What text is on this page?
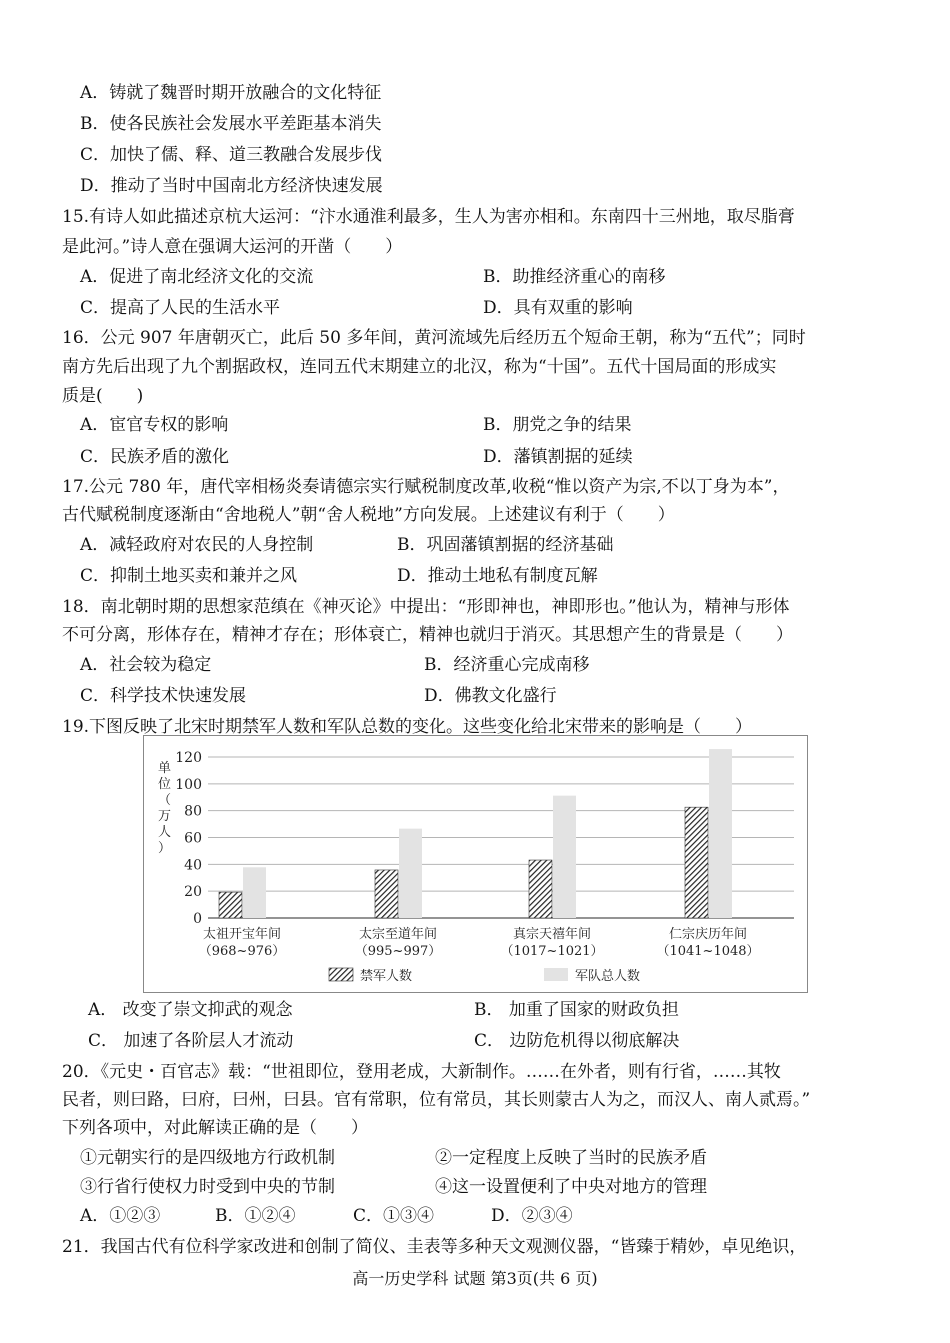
A．铸就了魏晋时期开放融合的文化特征
B．使各民族社会发展水平差距基本消失
C．加快了儒、释、道三教融合发展步伐
D．推动了当时中国南北方经济快速发展
15.有诗人如此描述京杭大运河：“汴水通淮利最多，生人为害亦相和。东南四十三州地，取尽脂膏
是此河。”诗人意在强调大运河的开凿（　　）
A．促进了南北经济文化的交流	B．助推经济重心的南移
C．提高了人民的生活水平	D．具有双重的影响
16．公元 907 年唐朝灭亡，此后 50 多年间，黄河流域先后经历五个短命王朝，称为“五代”；同时
南方先后出现了九个割据政权，连同五代末期建立的北汉，称为“十国”。五代十国局面的形成实
质是(　　)
A．宦官专权的影响	B．朋党之争的结果
C．民族矛盾的激化	D．藩镇割据的延续
17.公元 780 年，唐代宰相杨炎奏请德宗实行赋税制度改革,收税“惟以资产为宗,不以丁身为本”，
古代赋税制度逐渐由“舍地税人”朝“舍人税地”方向发展。上述建议有利于（　　）
A．减轻政府对农民的人身控制	B．巩固藩镇割据的经济基础
C．抑制土地买卖和兼并之风	D．推动土地私有制度瓦解
18．南北朝时期的思想家范缜在《神灭论》中提出：“形即神也，神即形也。”他认为，精神与形体
不可分离，形体存在，精神才存在；形体衰亡，精神也就归于消灭。其思想产生的背景是（　　）
A．社会较为稳定	B．经济重心完成南移
C．科学技术快速发展	D．佛教文化盛行
19.下图反映了北宋时期禁军人数和军队总数的变化。这些变化给北宋带来的影响是（　　）
0
20
40
60
80
100
120
单位（万人）
太祖开宝年间
（968~976）
太宗至道年间
（995~997）
真宗天禧年间
（1017~1021）
仁宗庆历年间
（1041~1048）
禁军人数	军队总人数
A． 改变了崇文抑武的观念	B． 加重了国家的财政负担
C． 加速了各阶层人才流动	C． 边防危机得以彻底解决
20．《元史・百官志》载：“世祖即位，登用老成，大新制作。……在外者，则有行省，……其牧
民者，则曰路，曰府，曰州，曰县。官有常职，位有常员，其长则蒙古人为之，而汉人、南人贰焉。”
下列各项中，对此解读正确的是（　　）
①元朝实行的是四级地方行政机制	②一定程度上反映了当时的民族矛盾
③行省行使权力时受到中央的节制	④这一设置便利了中央对地方的管理
A．①②③	B．①②④	C．①③④	D．②③④
21．我国古代有位科学家改进和创制了简仪、圭表等多种天文观测仪器，“皆臻于精妙，卓见绝识，
高一历史学科 试题 第3页(共 6 页)
